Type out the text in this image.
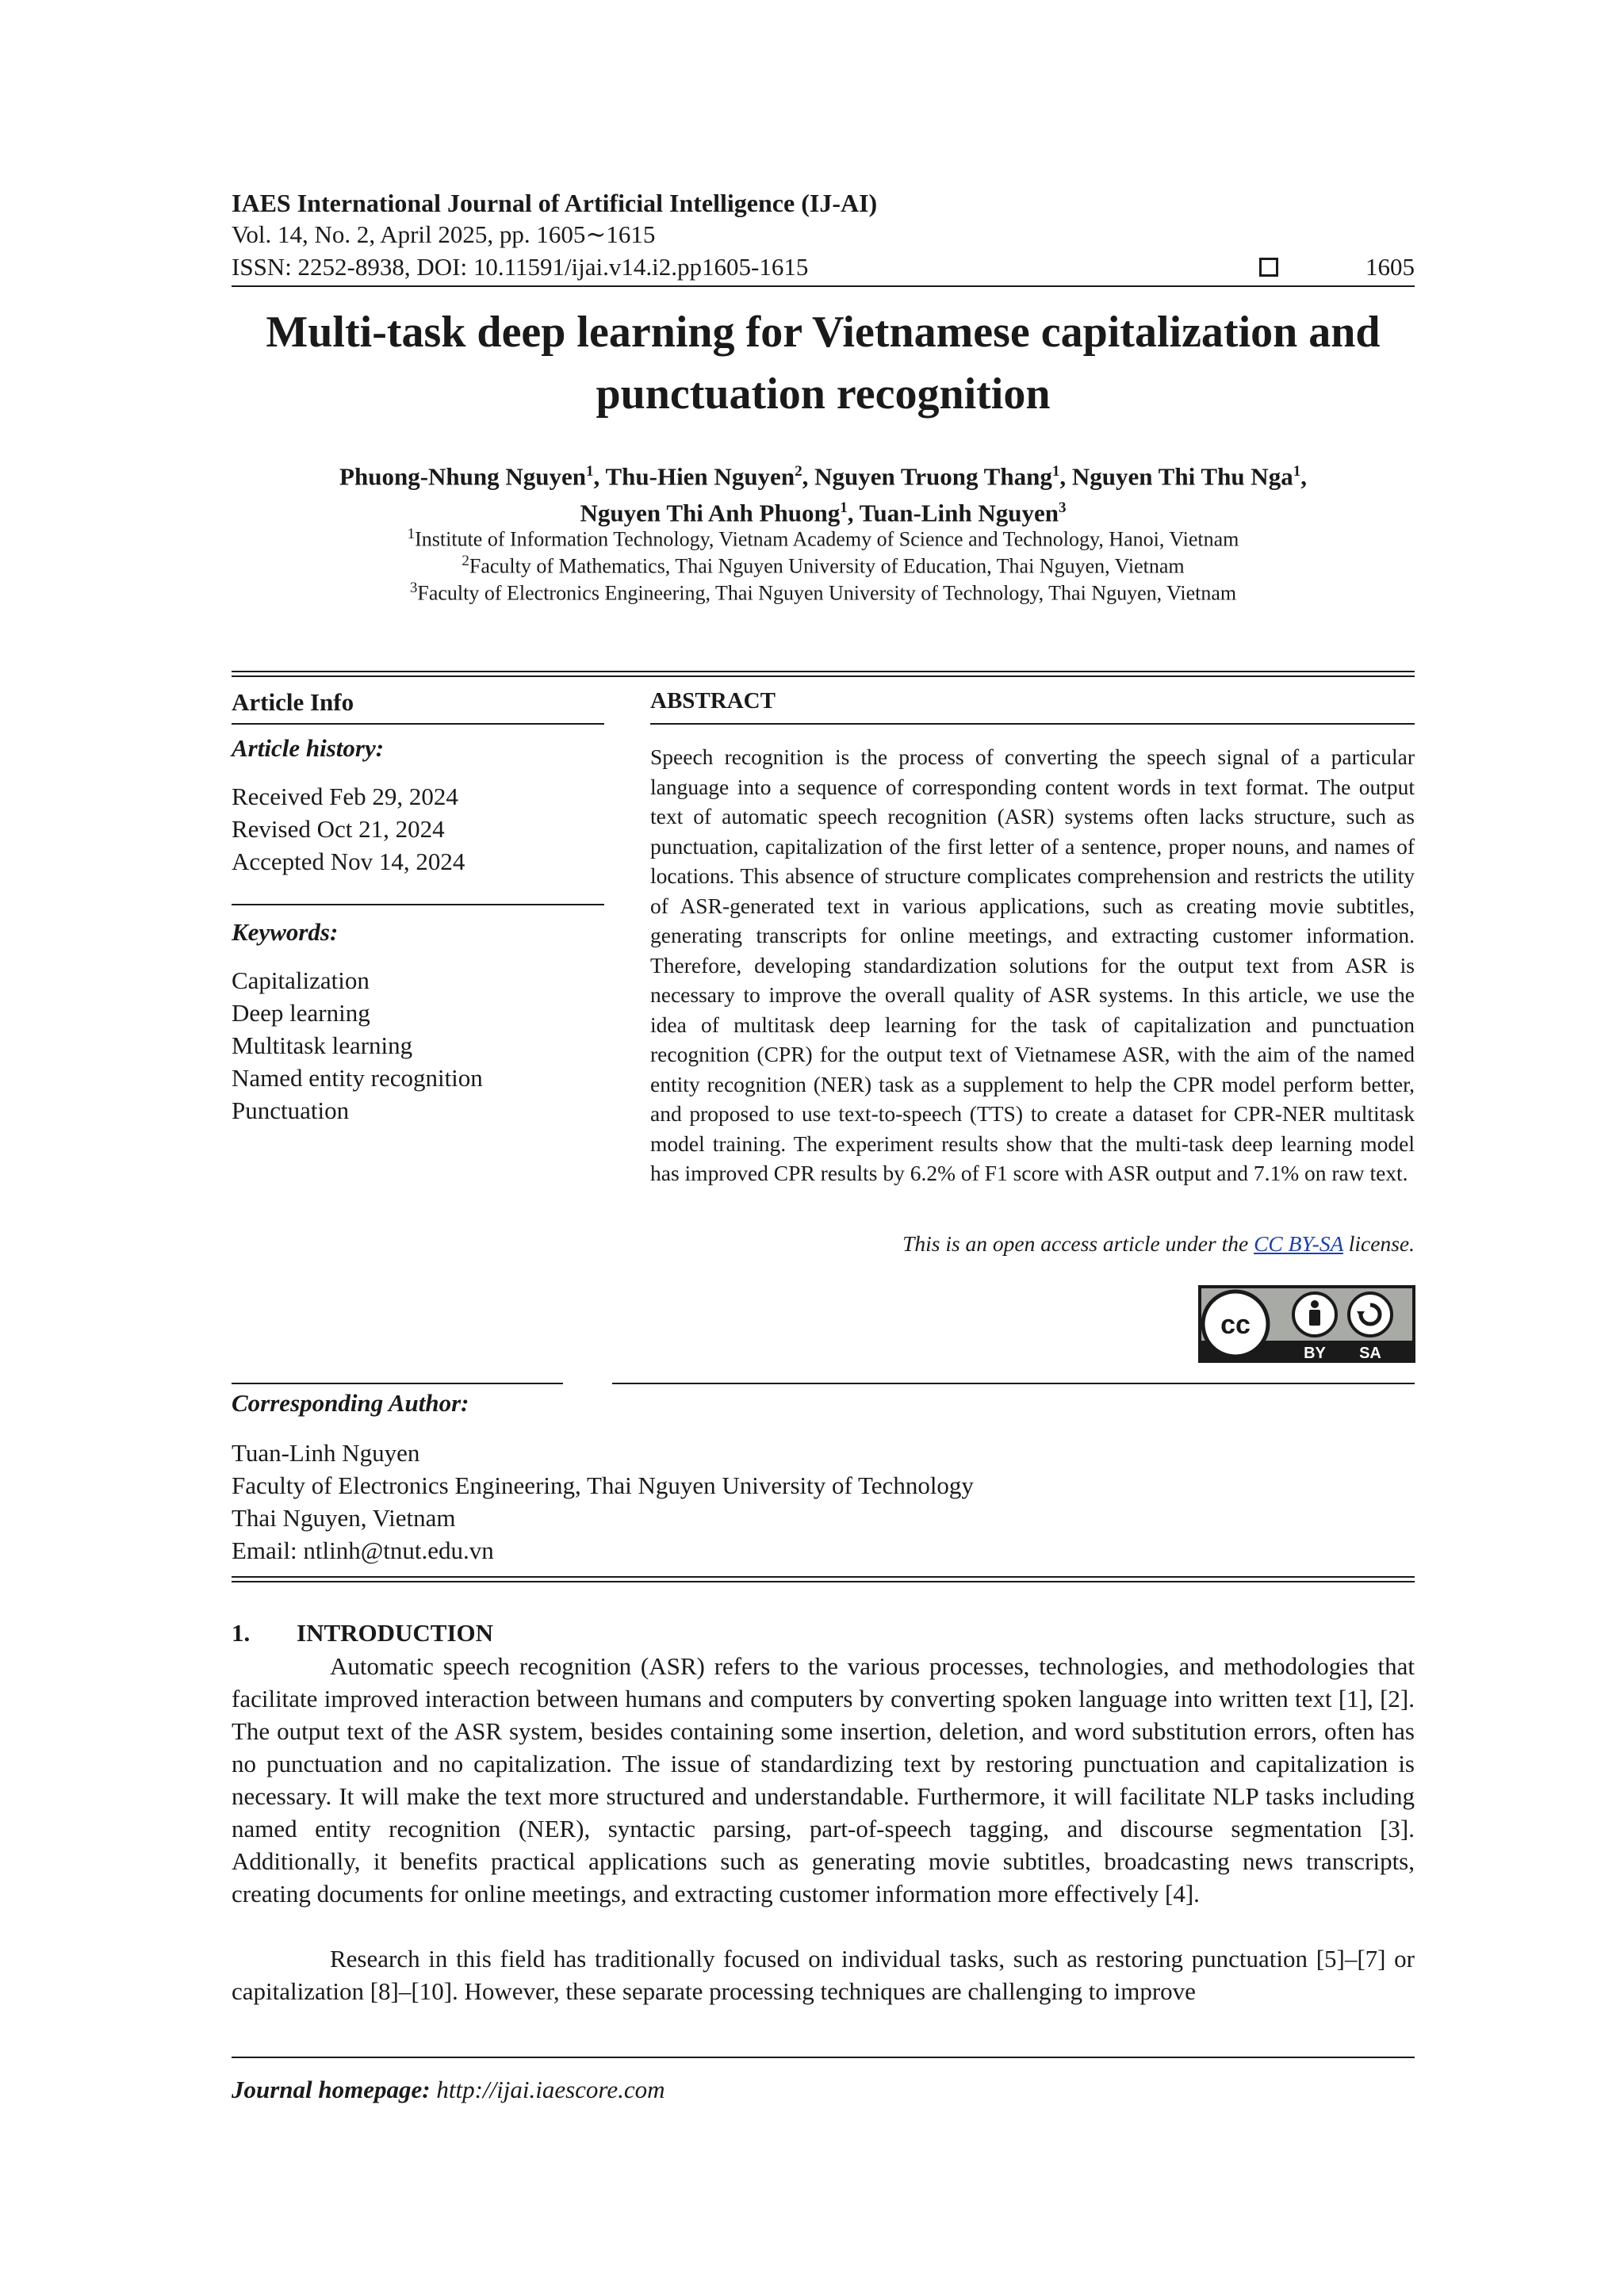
IAES International Journal of Artificial Intelligence (IJ-AI)
Vol. 14, No. 2, April 2025, pp. 1605∼1615
ISSN: 2252-8938, DOI: 10.11591/ijai.v14.i2.pp1605-1615	1605
Multi-task deep learning for Vietnamese capitalization and punctuation recognition
Phuong-Nhung Nguyen$^1$, Thu-Hien Nguyen$^2$, Nguyen Truong Thang$^1$, Nguyen Thi Thu Nga$^1$,
Nguyen Thi Anh Phuong$^1$, Tuan-Linh Nguyen$^3$
$^1$Institute of Information Technology, Vietnam Academy of Science and Technology, Hanoi, Vietnam
$^2$Faculty of Mathematics, Thai Nguyen University of Education, Thai Nguyen, Vietnam
$^3$Faculty of Electronics Engineering, Thai Nguyen University of Technology, Thai Nguyen, Vietnam
Article Info
Article history:
Received Feb 29, 2024
Revised Oct 21, 2024
Accepted Nov 14, 2024
Keywords:
Capitalization
Deep learning
Multitask learning
Named entity recognition
Punctuation
ABSTRACT
Speech recognition is the process of converting the speech signal of a particular language into a sequence of corresponding content words in text format. The output text of automatic speech recognition (ASR) systems often lacks structure, such as punctuation, capitalization of the first letter of a sentence, proper nouns, and names of locations. This absence of structure complicates comprehension and restricts the utility of ASR-generated text in various applications, such as creating movie subtitles, generating transcripts for online meetings, and extracting customer information. Therefore, developing standardization solutions for the output text from ASR is necessary to improve the overall quality of ASR systems. In this article, we use the idea of multitask deep learning for the task of capitalization and punctuation recognition (CPR) for the output text of Vietnamese ASR, with the aim of the named entity recognition (NER) task as a supplement to help the CPR model perform better, and proposed to use text-to-speech (TTS) to create a dataset for CPR-NER multitask model training. The experiment results show that the multi-task deep learning model has improved CPR results by 6.2% of F1 score with ASR output and 7.1% on raw text.
This is an open access article under the CC BY-SA license.
cc
BY SA
Corresponding Author:
Tuan-Linh Nguyen
Faculty of Electronics Engineering, Thai Nguyen University of Technology
Thai Nguyen, Vietnam
Email: ntlinh@tnut.edu.vn
1. INTRODUCTION
Automatic speech recognition (ASR) refers to the various processes, technologies, and methodologies that facilitate improved interaction between humans and computers by converting spoken language into written text [1], [2]. The output text of the ASR system, besides containing some insertion, deletion, and word substitution errors, often has no punctuation and no capitalization. The issue of standardizing text by restoring punctuation and capitalization is necessary. It will make the text more structured and understandable. Furthermore, it will facilitate NLP tasks including named entity recognition (NER), syntactic parsing, part-of-speech tagging, and discourse segmentation [3]. Additionally, it benefits practical applications such as generating movie subtitles, broadcasting news transcripts, creating documents for online meetings, and extracting customer information more effectively [4].
Research in this field has traditionally focused on individual tasks, such as restoring punctuation [5]–[7] or capitalization [8]–[10]. However, these separate processing techniques are challenging to improve
Journal homepage: http://ijai.iaescore.com
